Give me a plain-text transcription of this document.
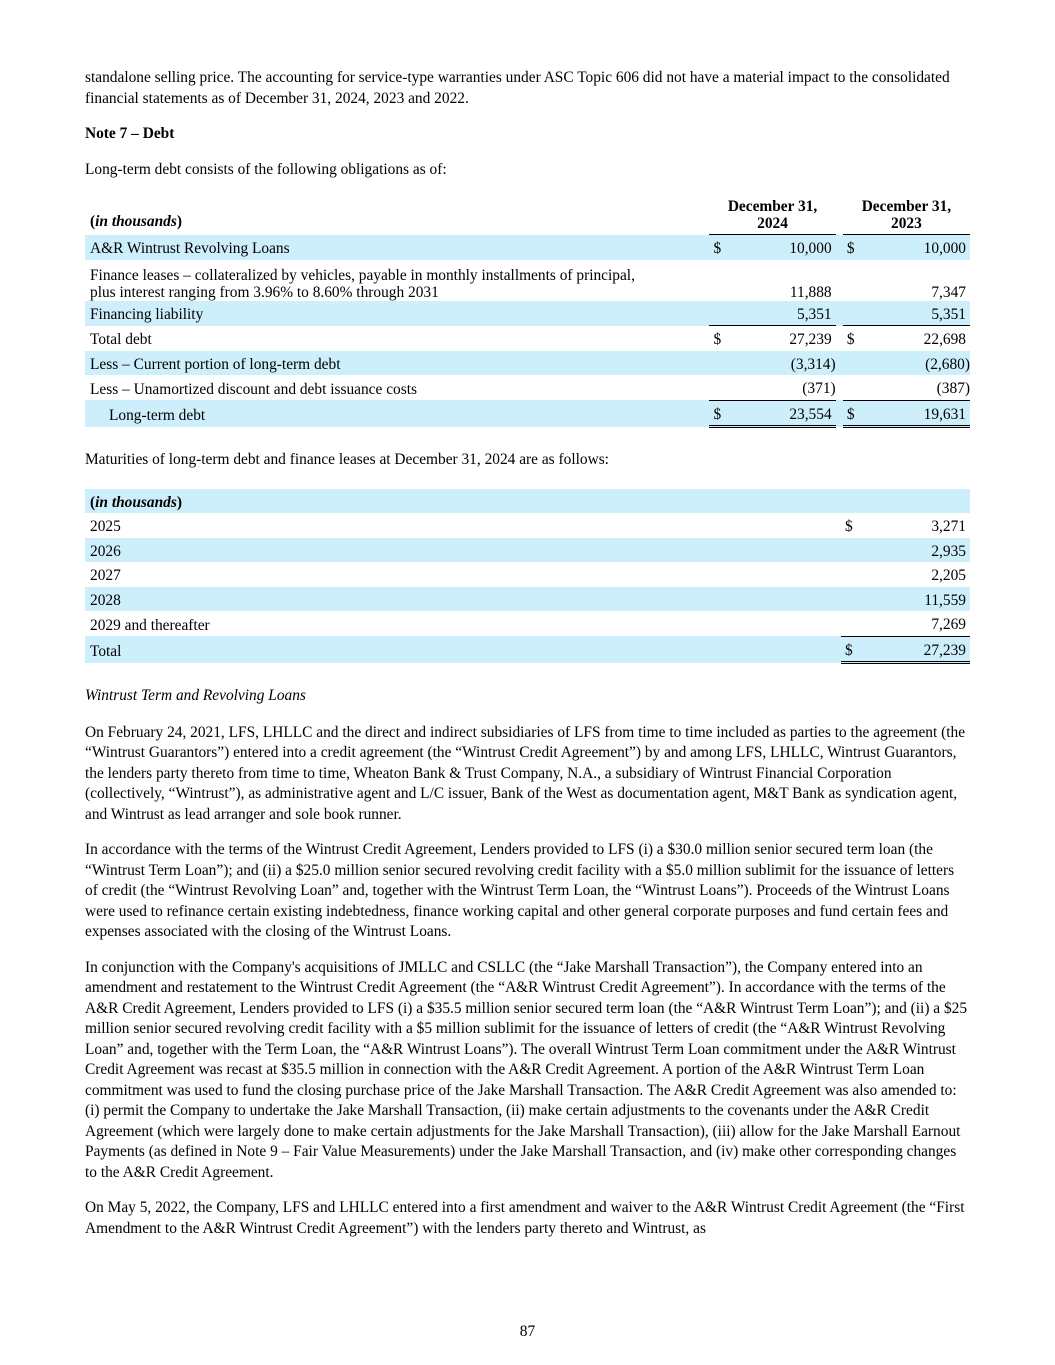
standalone selling price. The accounting for service-type warranties under ASC Topic 606 did not have a material impact to the consolidated financial statements as of December 31, 2024, 2023 and 2022.

Note 7 – Debt

Long-term debt consists of the following obligations as of:

(in thousands)	December 31, 2024			December 31, 2023	

A&R Wintrust Revolving Loans	$	10,000		$	10,000
Finance leases – collateralized by vehicles, payable in monthly installments of principal, plus interest ranging from 3.96% to 8.60% through 2031		11,888			7,347
Financing liability		5,351			5,351
Total debt	$	27,239		$	22,698
Less – Current portion of long-term debt		(3,314)			(2,680)
Less – Unamortized discount and debt issuance costs		(371)			(387)
Long-term debt	$	23,554		$	19,631

Maturities of long-term debt and finance leases at December 31, 2024 are as follows:

(in thousands)		
2025	$	3,271
2026		2,935
2027		2,205
2028		11,559
2029 and thereafter		7,269
Total	$	27,239

Wintrust Term and Revolving Loans

On February 24, 2021, LFS, LHLLC and the direct and indirect subsidiaries of LFS from time to time included as parties to the agreement (the “Wintrust Guarantors”) entered into a credit agreement (the “Wintrust Credit Agreement”) by and among LFS, LHLLC, Wintrust Guarantors, the lenders party thereto from time to time, Wheaton Bank & Trust Company, N.A., a subsidiary of Wintrust Financial Corporation (collectively, “Wintrust”), as administrative agent and L/C issuer, Bank of the West as documentation agent, M&T Bank as syndication agent, and Wintrust as lead arranger and sole book runner.

In accordance with the terms of the Wintrust Credit Agreement, Lenders provided to LFS (i) a $30.0 million senior secured term loan (the “Wintrust Term Loan”); and (ii) a $25.0 million senior secured revolving credit facility with a $5.0 million sublimit for the issuance of letters of credit (the “Wintrust Revolving Loan” and, together with the Wintrust Term Loan, the “Wintrust Loans”). Proceeds of the Wintrust Loans were used to refinance certain existing indebtedness, finance working capital and other general corporate purposes and fund certain fees and expenses associated with the closing of the Wintrust Loans.

In conjunction with the Company's acquisitions of JMLLC and CSLLC (the “Jake Marshall Transaction”), the Company entered into an amendment and restatement to the Wintrust Credit Agreement (the “A&R Wintrust Credit Agreement”). In accordance with the terms of the A&R Credit Agreement, Lenders provided to LFS (i) a $35.5 million senior secured term loan (the “A&R Wintrust Term Loan”); and (ii) a $25 million senior secured revolving credit facility with a $5 million sublimit for the issuance of letters of credit (the “A&R Wintrust Revolving Loan” and, together with the Term Loan, the “A&R Wintrust Loans”). The overall Wintrust Term Loan commitment under the A&R Wintrust Credit Agreement was recast at $35.5 million in connection with the A&R Credit Agreement. A portion of the A&R Wintrust Term Loan commitment was used to fund the closing purchase price of the Jake Marshall Transaction. The A&R Credit Agreement was also amended to: (i) permit the Company to undertake the Jake Marshall Transaction, (ii) make certain adjustments to the covenants under the A&R Credit Agreement (which were largely done to make certain adjustments for the Jake Marshall Transaction), (iii) allow for the Jake Marshall Earnout Payments (as defined in Note 9 – Fair Value Measurements) under the Jake Marshall Transaction, and (iv) make other corresponding changes to the A&R Credit Agreement.

On May 5, 2022, the Company, LFS and LHLLC entered into a first amendment and waiver to the A&R Wintrust Credit Agreement (the “First Amendment to the A&R Wintrust Credit Agreement”) with the lenders party thereto and Wintrust, as

87
